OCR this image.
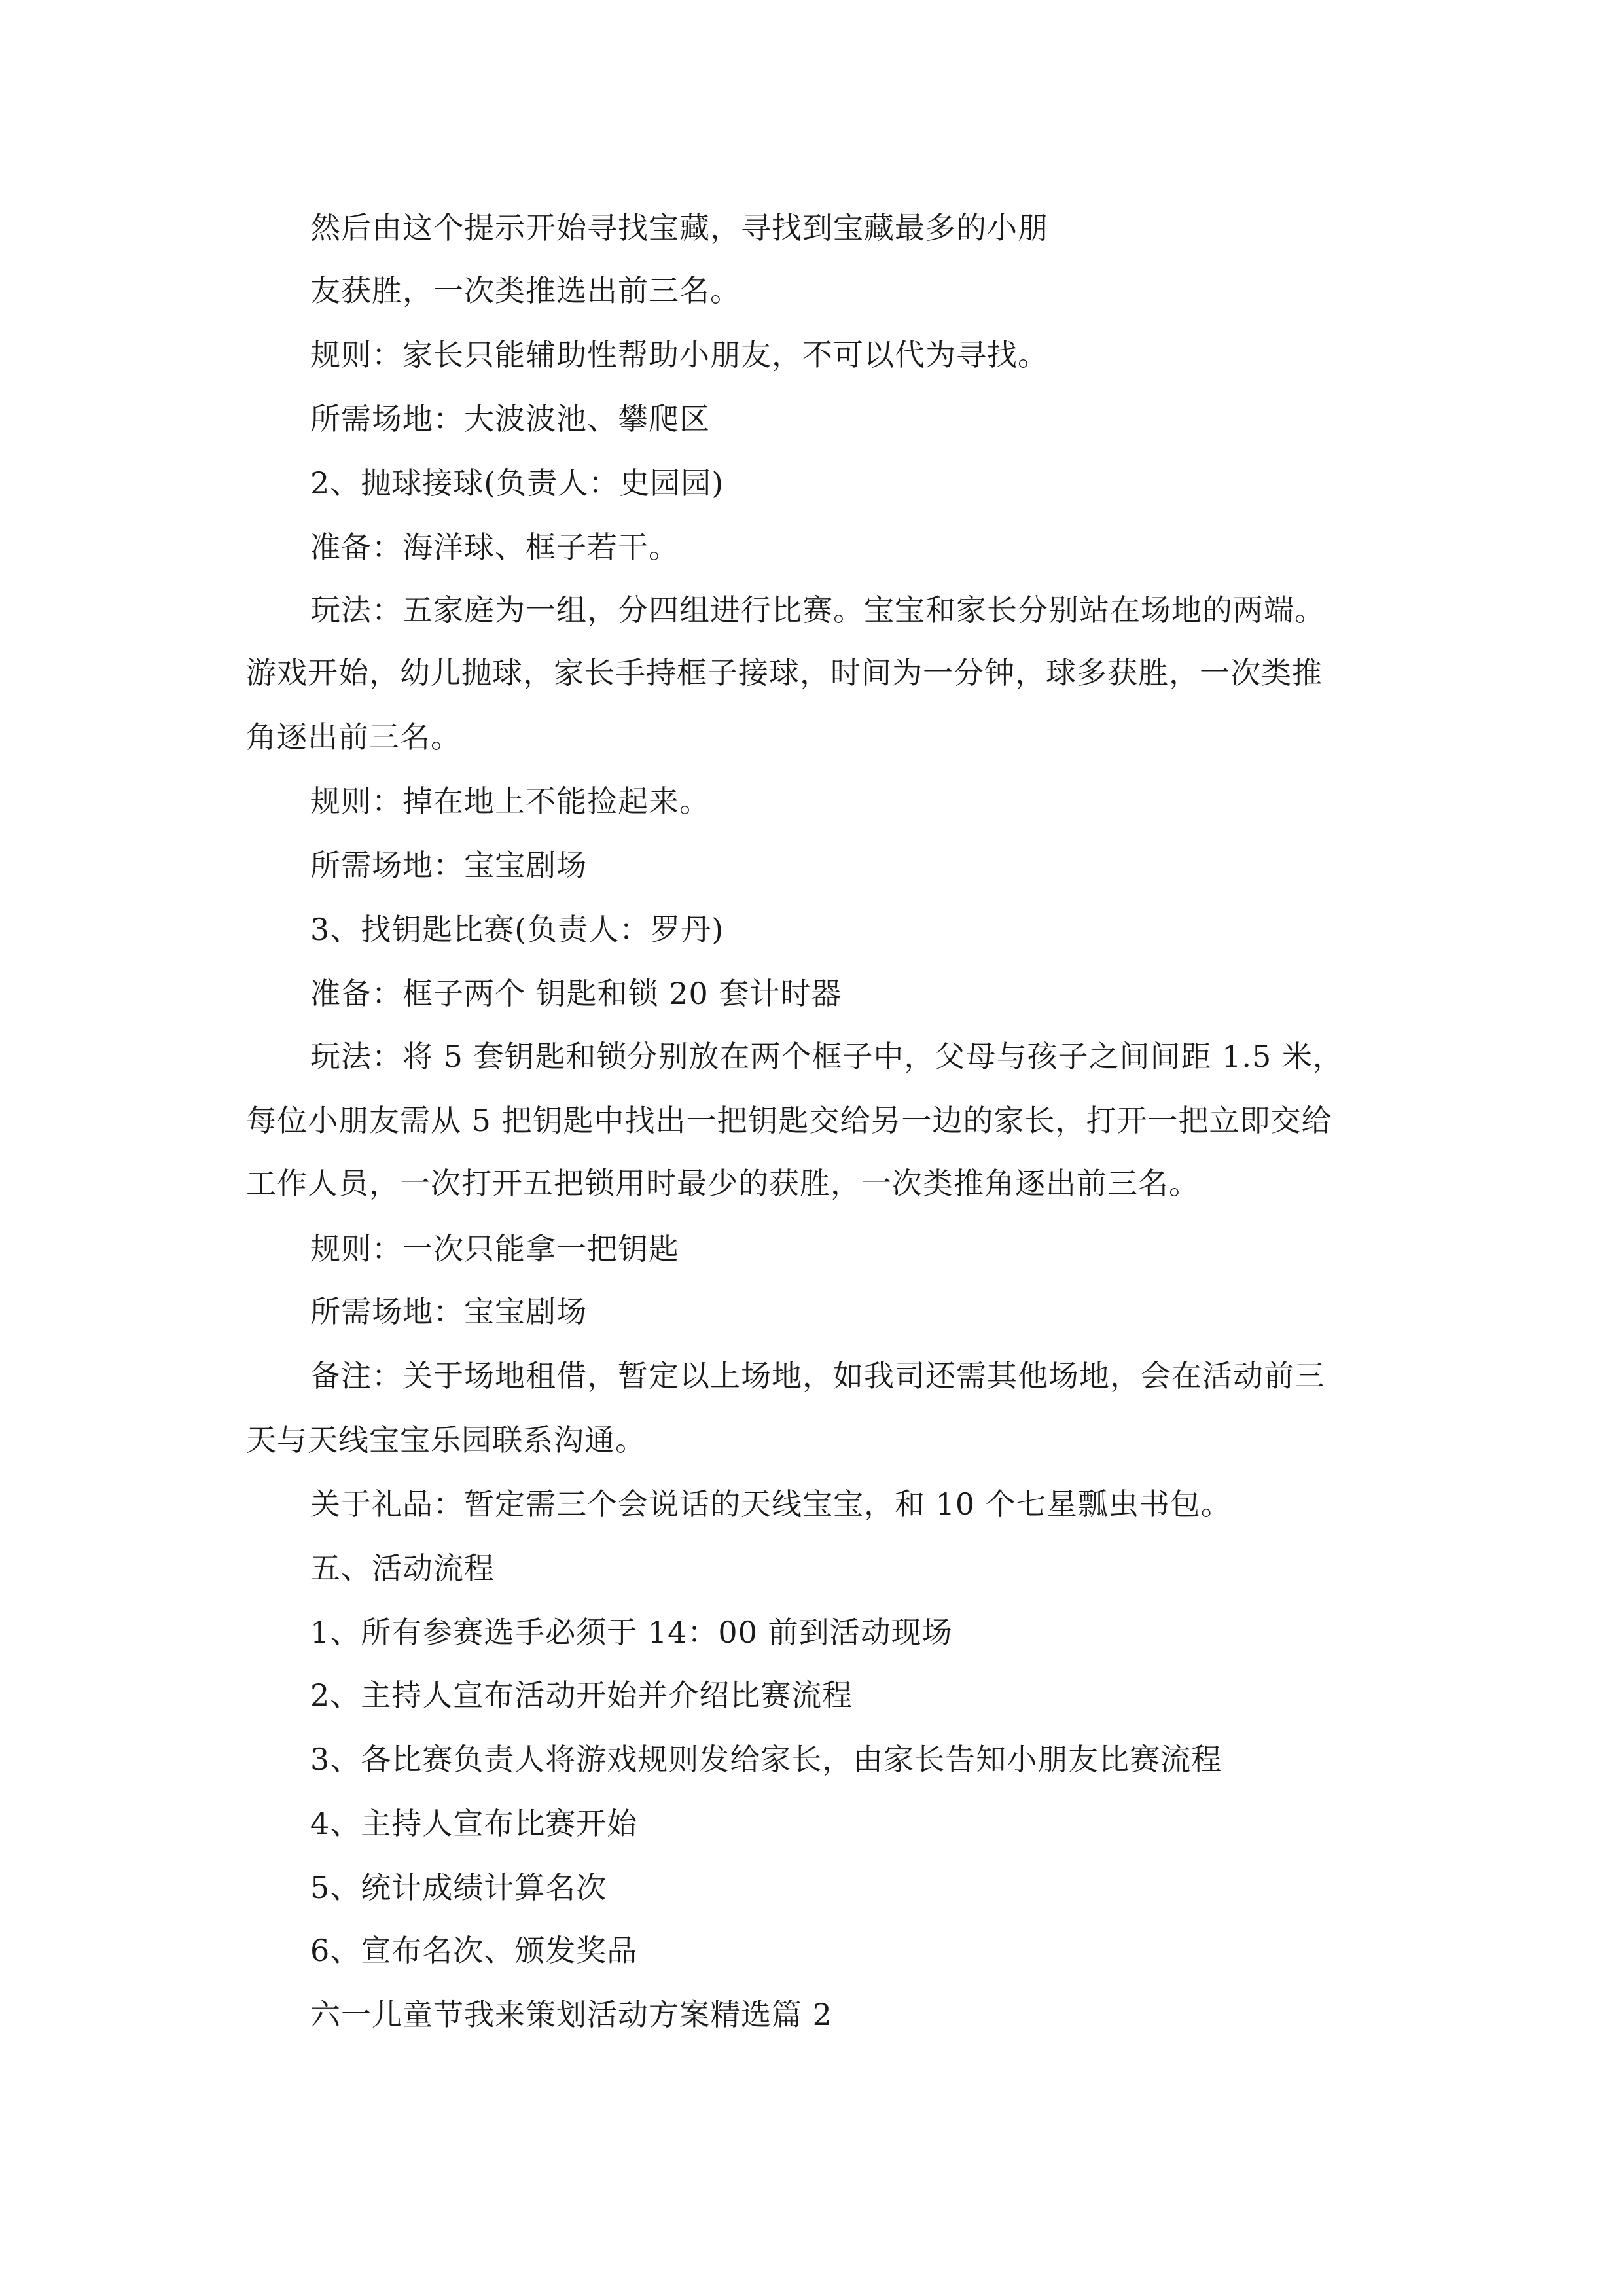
然后由这个提示开始寻找宝藏，寻找到宝藏最多的小朋
友获胜，一次类推选出前三名。
规则：家长只能辅助性帮助小朋友，不可以代为寻找。
所需场地：大波波池、攀爬区
2、抛球接球(负责人：史园园)
准备：海洋球、框子若干。
玩法：五家庭为一组，分四组进行比赛。宝宝和家长分别站在场地的两端。
游戏开始，幼儿抛球，家长手持框子接球，时间为一分钟，球多获胜，一次类推
角逐出前三名。
规则：掉在地上不能捡起来。
所需场地：宝宝剧场
3、找钥匙比赛(负责人：罗丹)
准备：框子两个 钥匙和锁 20 套计时器
玩法：将 5 套钥匙和锁分别放在两个框子中，父母与孩子之间间距 1.5 米，
每位小朋友需从 5 把钥匙中找出一把钥匙交给另一边的家长，打开一把立即交给
工作人员，一次打开五把锁用时最少的获胜，一次类推角逐出前三名。
规则：一次只能拿一把钥匙
所需场地：宝宝剧场
备注：关于场地租借，暂定以上场地，如我司还需其他场地，会在活动前三
天与天线宝宝乐园联系沟通。
关于礼品：暂定需三个会说话的天线宝宝，和 10 个七星瓢虫书包。
五、活动流程
1、所有参赛选手必须于 14：00 前到活动现场
2、主持人宣布活动开始并介绍比赛流程
3、各比赛负责人将游戏规则发给家长，由家长告知小朋友比赛流程
4、主持人宣布比赛开始
5、统计成绩计算名次
6、宣布名次、颁发奖品
六一儿童节我来策划活动方案精选篇 2
